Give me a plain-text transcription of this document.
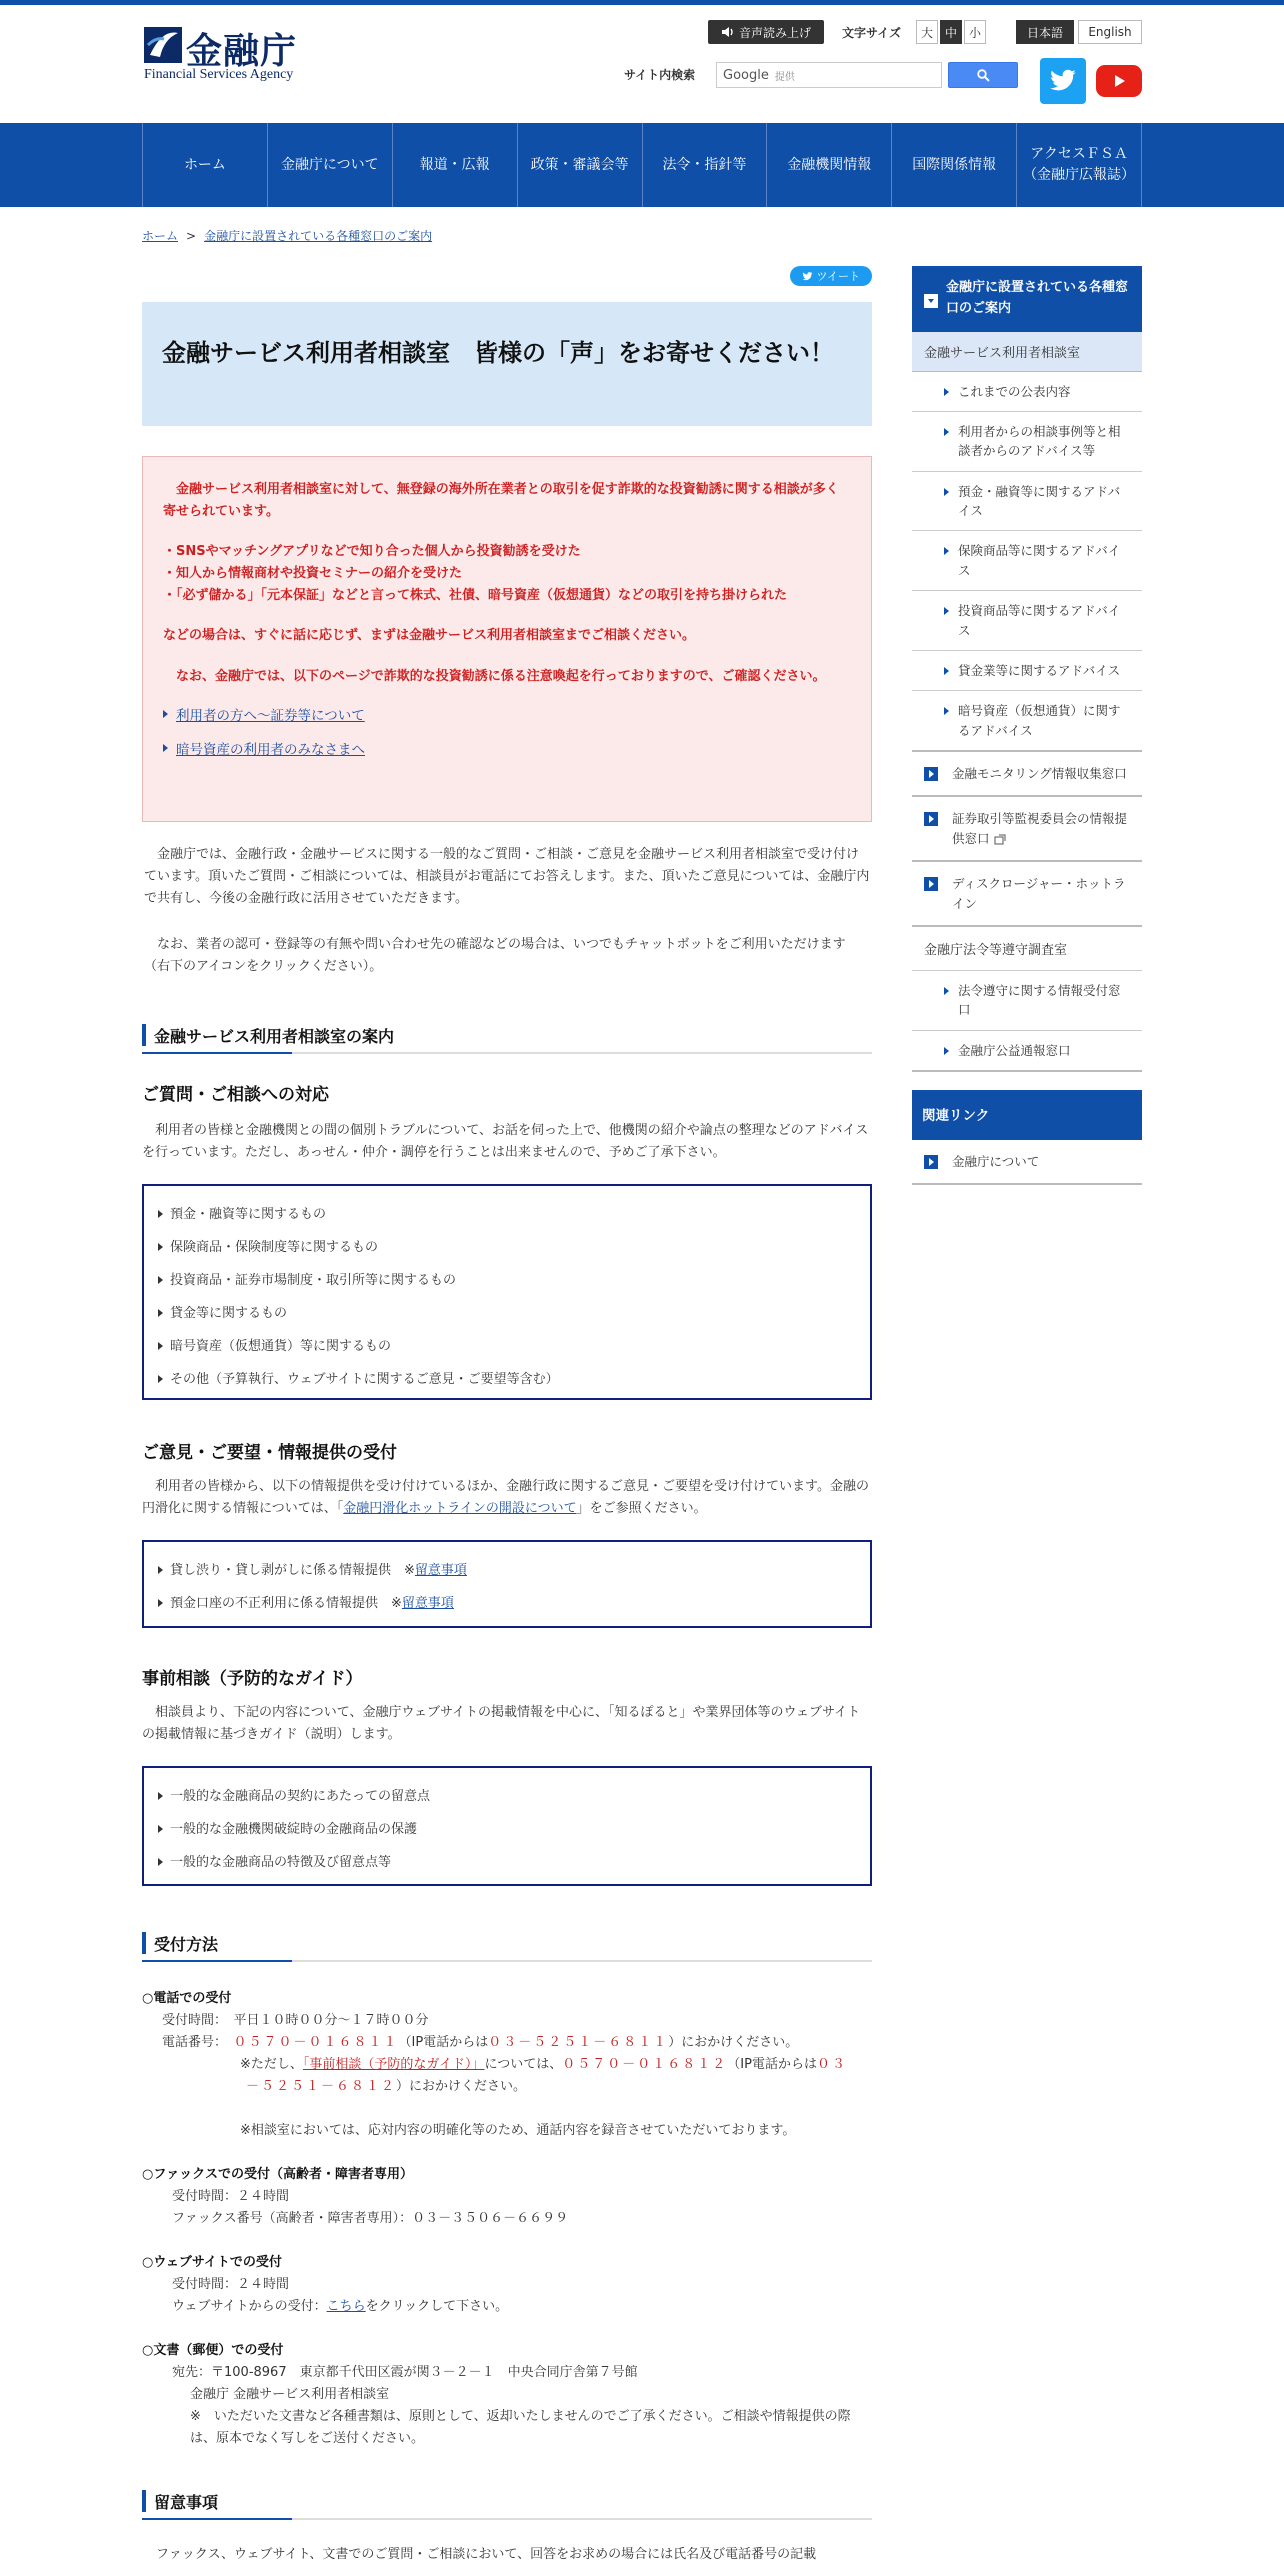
金融庁
Financial Services Agency
音声読み上げ	文字サイズ	大 中 小	日本語	English
サイト内検索 Google 提供
ホーム	金融庁について	報道・広報	政策・審議会等	法令・指針等	金融機関情報	国際関係情報
アクセスＦＳＡ
（金融庁広報誌）
ホーム > 金融庁に設置されている各種窓口のご案内
ツイート
金融サービス利用者相談室　皆様の「声」をお寄せください！

　金融サービス利用者相談室に対して、無登録の海外所在業者との取引を促す詐欺的な投資勧誘に関する相談が多く寄せられています。

・SNSやマッチングアプリなどで知り合った個人から投資勧誘を受けた

・知人から情報商材や投資セミナーの紹介を受けた

・「必ず儲かる」「元本保証」などと言って株式、社債、暗号資産（仮想通貨）などの取引を持ち掛けられた

などの場合は、すぐに話に応じず、まずは金融サービス利用者相談室までご相談ください。

　なお、金融庁では、以下のページで詐欺的な投資勧誘に係る注意喚起を行っておりますので、ご確認ください。

利用者の方へ～証券等について
暗号資産の利用者のみなさまへ

　金融庁では、金融行政・金融サービスに関する一般的なご質問・ご相談・ご意見を金融サービス利用者相談室で受け付けています。頂いたご質問・ご相談については、相談員がお電話にてお答えします。また、頂いたご意見については、金融庁内で共有し、今後の金融行政に活用させていただきます。

　なお、業者の認可・登録等の有無や問い合わせ先の確認などの場合は、いつでもチャットボットをご利用いただけます（右下のアイコンをクリックください）。

金融サービス利用者相談室の案内
ご質問・ご相談への対応

　利用者の皆様と金融機関との間の個別トラブルについて、お話を伺った上で、他機関の紹介や論点の整理などのアドバイスを行っています。ただし、あっせん・仲介・調停を行うことは出来ませんので、予めご了承下さい。

預金・融資等に関するもの
保険商品・保険制度等に関するもの
投資商品・証券市場制度・取引所等に関するもの
貸金等に関するもの
暗号資産（仮想通貨）等に関するもの
その他（予算執行、ウェブサイトに関するご意見・ご要望等含む）
ご意見・ご要望・情報提供の受付

　利用者の皆様から、以下の情報提供を受け付けているほか、金融行政に関するご意見・ご要望を受け付けています。金融の円滑化に関する情報については、「金融円滑化ホットラインの開設について」をご参照ください。

貸し渋り・貸し剥がしに係る情報提供　※留意事項
預金口座の不正利用に係る情報提供　※留意事項
事前相談（予防的なガイド）

　相談員より、下記の内容について、金融庁ウェブサイトの掲載情報を中心に、「知るぽると」や業界団体等のウェブサイトの掲載情報に基づきガイド（説明）します。

一般的な金融商品の契約にあたっての留意点
一般的な金融機関破綻時の金融商品の保護
一般的な金融商品の特徴及び留意点等
受付方法
○電話での受付
受付時間：　平日１０時００分～１７時００分
電話番号：　 ０５７０－０１６８１１（IP電話からは０３－５２５１－６８１１）におかけください。
※ただし、「事前相談（予防的なガイド）」については、０５７０－０１６８１２（IP電話からは０３
－５２５１－６８１２）におかけください。
※相談室においては、応対内容の明確化等のため、通話内容を録音させていただいております。
○ファックスでの受付（高齢者・障害者専用）
受付時間：２４時間
ファックス番号（高齢者・障害者専用）：０３－３５０６－６６９９
○ウェブサイトでの受付
受付時間：２４時間
ウェブサイトからの受付：こちらをクリックして下さい。
○文書（郵便）での受付
宛先：〒100-8967　東京都千代田区霞が関３－２－１　中央合同庁舎第７号館
金融庁 金融サービス利用者相談室
※　いただいた文書など各種書類は、原則として、返却いたしませんのでご了承ください。ご相談や情報提供の際は、原本でなく写しをご送付ください。
留意事項

ファックス、ウェブサイト、文書でのご質問・ご相談において、回答をお求めの場合には氏名及び電話番号の記載

金融庁に設置されている各種窓口のご案内
金融サービス利用者相談室
これまでの公表内容
利用者からの相談事例等と相談者からのアドバイス等
預金・融資等に関するアドバイス
保険商品等に関するアドバイス
投資商品等に関するアドバイス
貸金業等に関するアドバイス
暗号資産（仮想通貨）に関するアドバイス
金融モニタリング情報収集窓口
証券取引等監視委員会の情報提供窓口
ディスクロージャー・ホットライン
金融庁法令等遵守調査室
法令遵守に関する情報受付窓口
金融庁公益通報窓口
関連リンク
金融庁について
